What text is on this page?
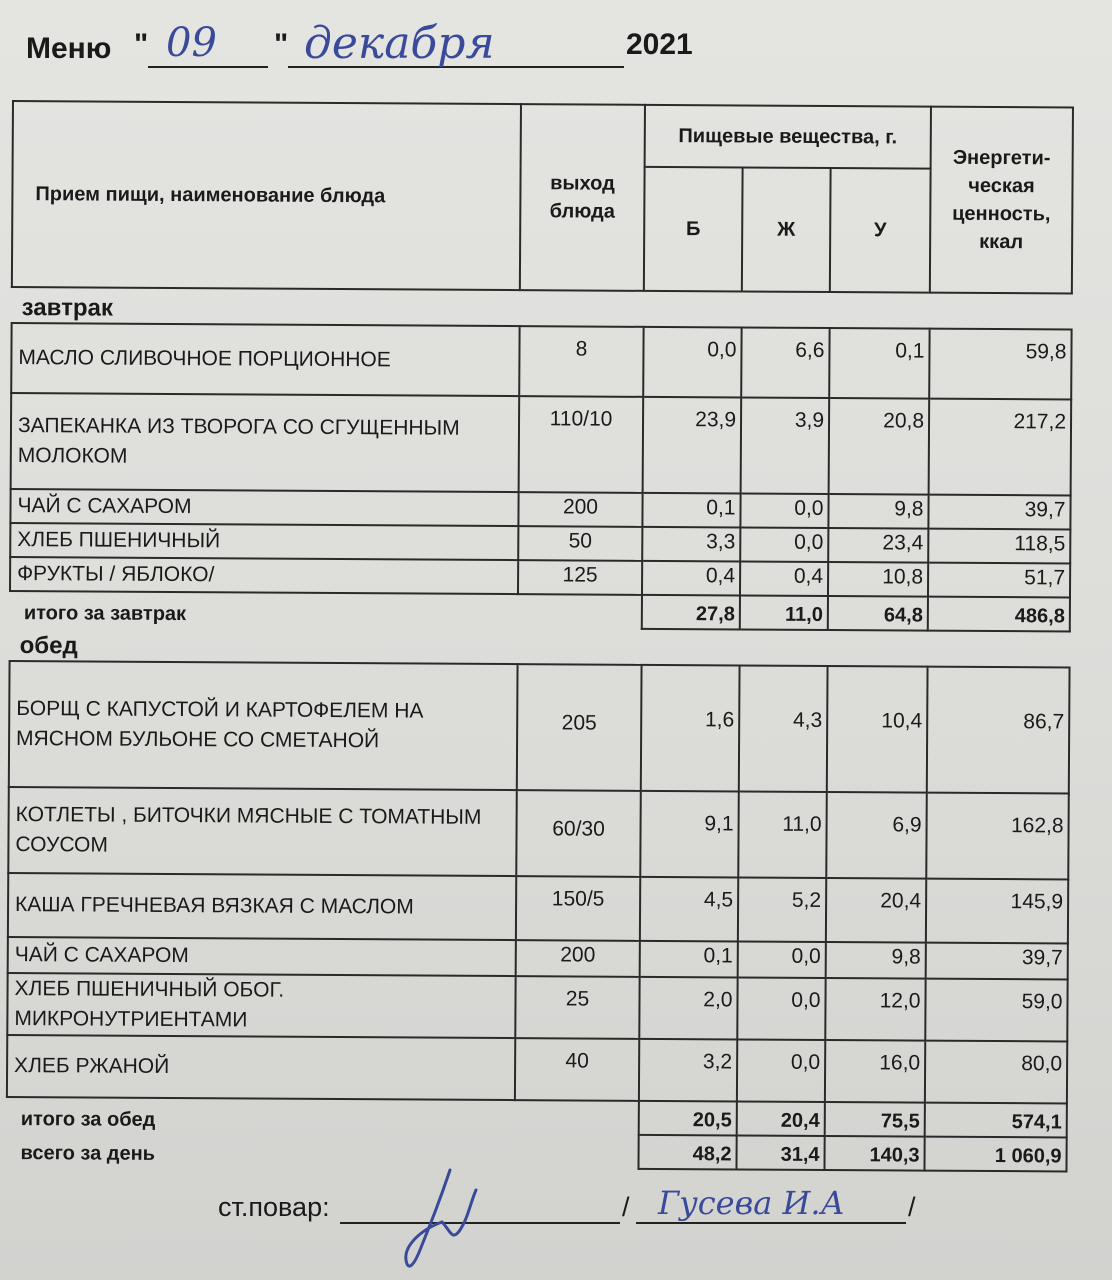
Меню " 09 " декабря	2021
Прием пищи, наименование блюда	выход блюда	Пищевые вещества, г.			Энергети- ческая ценность, ккал
		Б	Ж	У	
завтрак					
МАСЛО СЛИВОЧНОЕ ПОРЦИОННОЕ	8	0,0	6,6	0,1	59,8
ЗАПЕКАНКА ИЗ ТВОРОГА СО СГУЩЕННЫМ МОЛОКОМ	110/10	23,9	3,9	20,8	217,2
ЧАЙ С САХАРОМ	200	0,1	0,0	9,8	39,7
ХЛЕБ ПШЕНИЧНЫЙ	50	3,3	0,0	23,4	118,5
ФРУКТЫ / ЯБЛОКО/	125	0,4	0,4	10,8	51,7
итого за завтрак		27,8	11,0	64,8	486,8
обед					
БОРЩ С КАПУСТОЙ И КАРТОФЕЛЕМ НА МЯСНОМ БУЛЬОНЕ СО СМЕТАНОЙ	205	1,6	4,3	10,4	86,7
КОТЛЕТЫ , БИТОЧКИ МЯСНЫЕ С ТОМАТНЫМ СОУСОМ	60/30	9,1	11,0	6,9	162,8
КАША ГРЕЧНЕВАЯ ВЯЗКАЯ С МАСЛОМ	150/5	4,5	5,2	20,4	145,9
ЧАЙ С САХАРОМ	200	0,1	0,0	9,8	39,7
ХЛЕБ ПШЕНИЧНЫЙ ОБОГ. МИКРОНУТРИЕНТАМИ	25	2,0	0,0	12,0	59,0
ХЛЕБ РЖАНОЙ	40	3,2	0,0	16,0	80,0
итого за обед		20,5	20,4	75,5	574,1
всего за день		48,2	31,4	140,3	1 060,9
ст.повар:	/ Гусева И.А /
